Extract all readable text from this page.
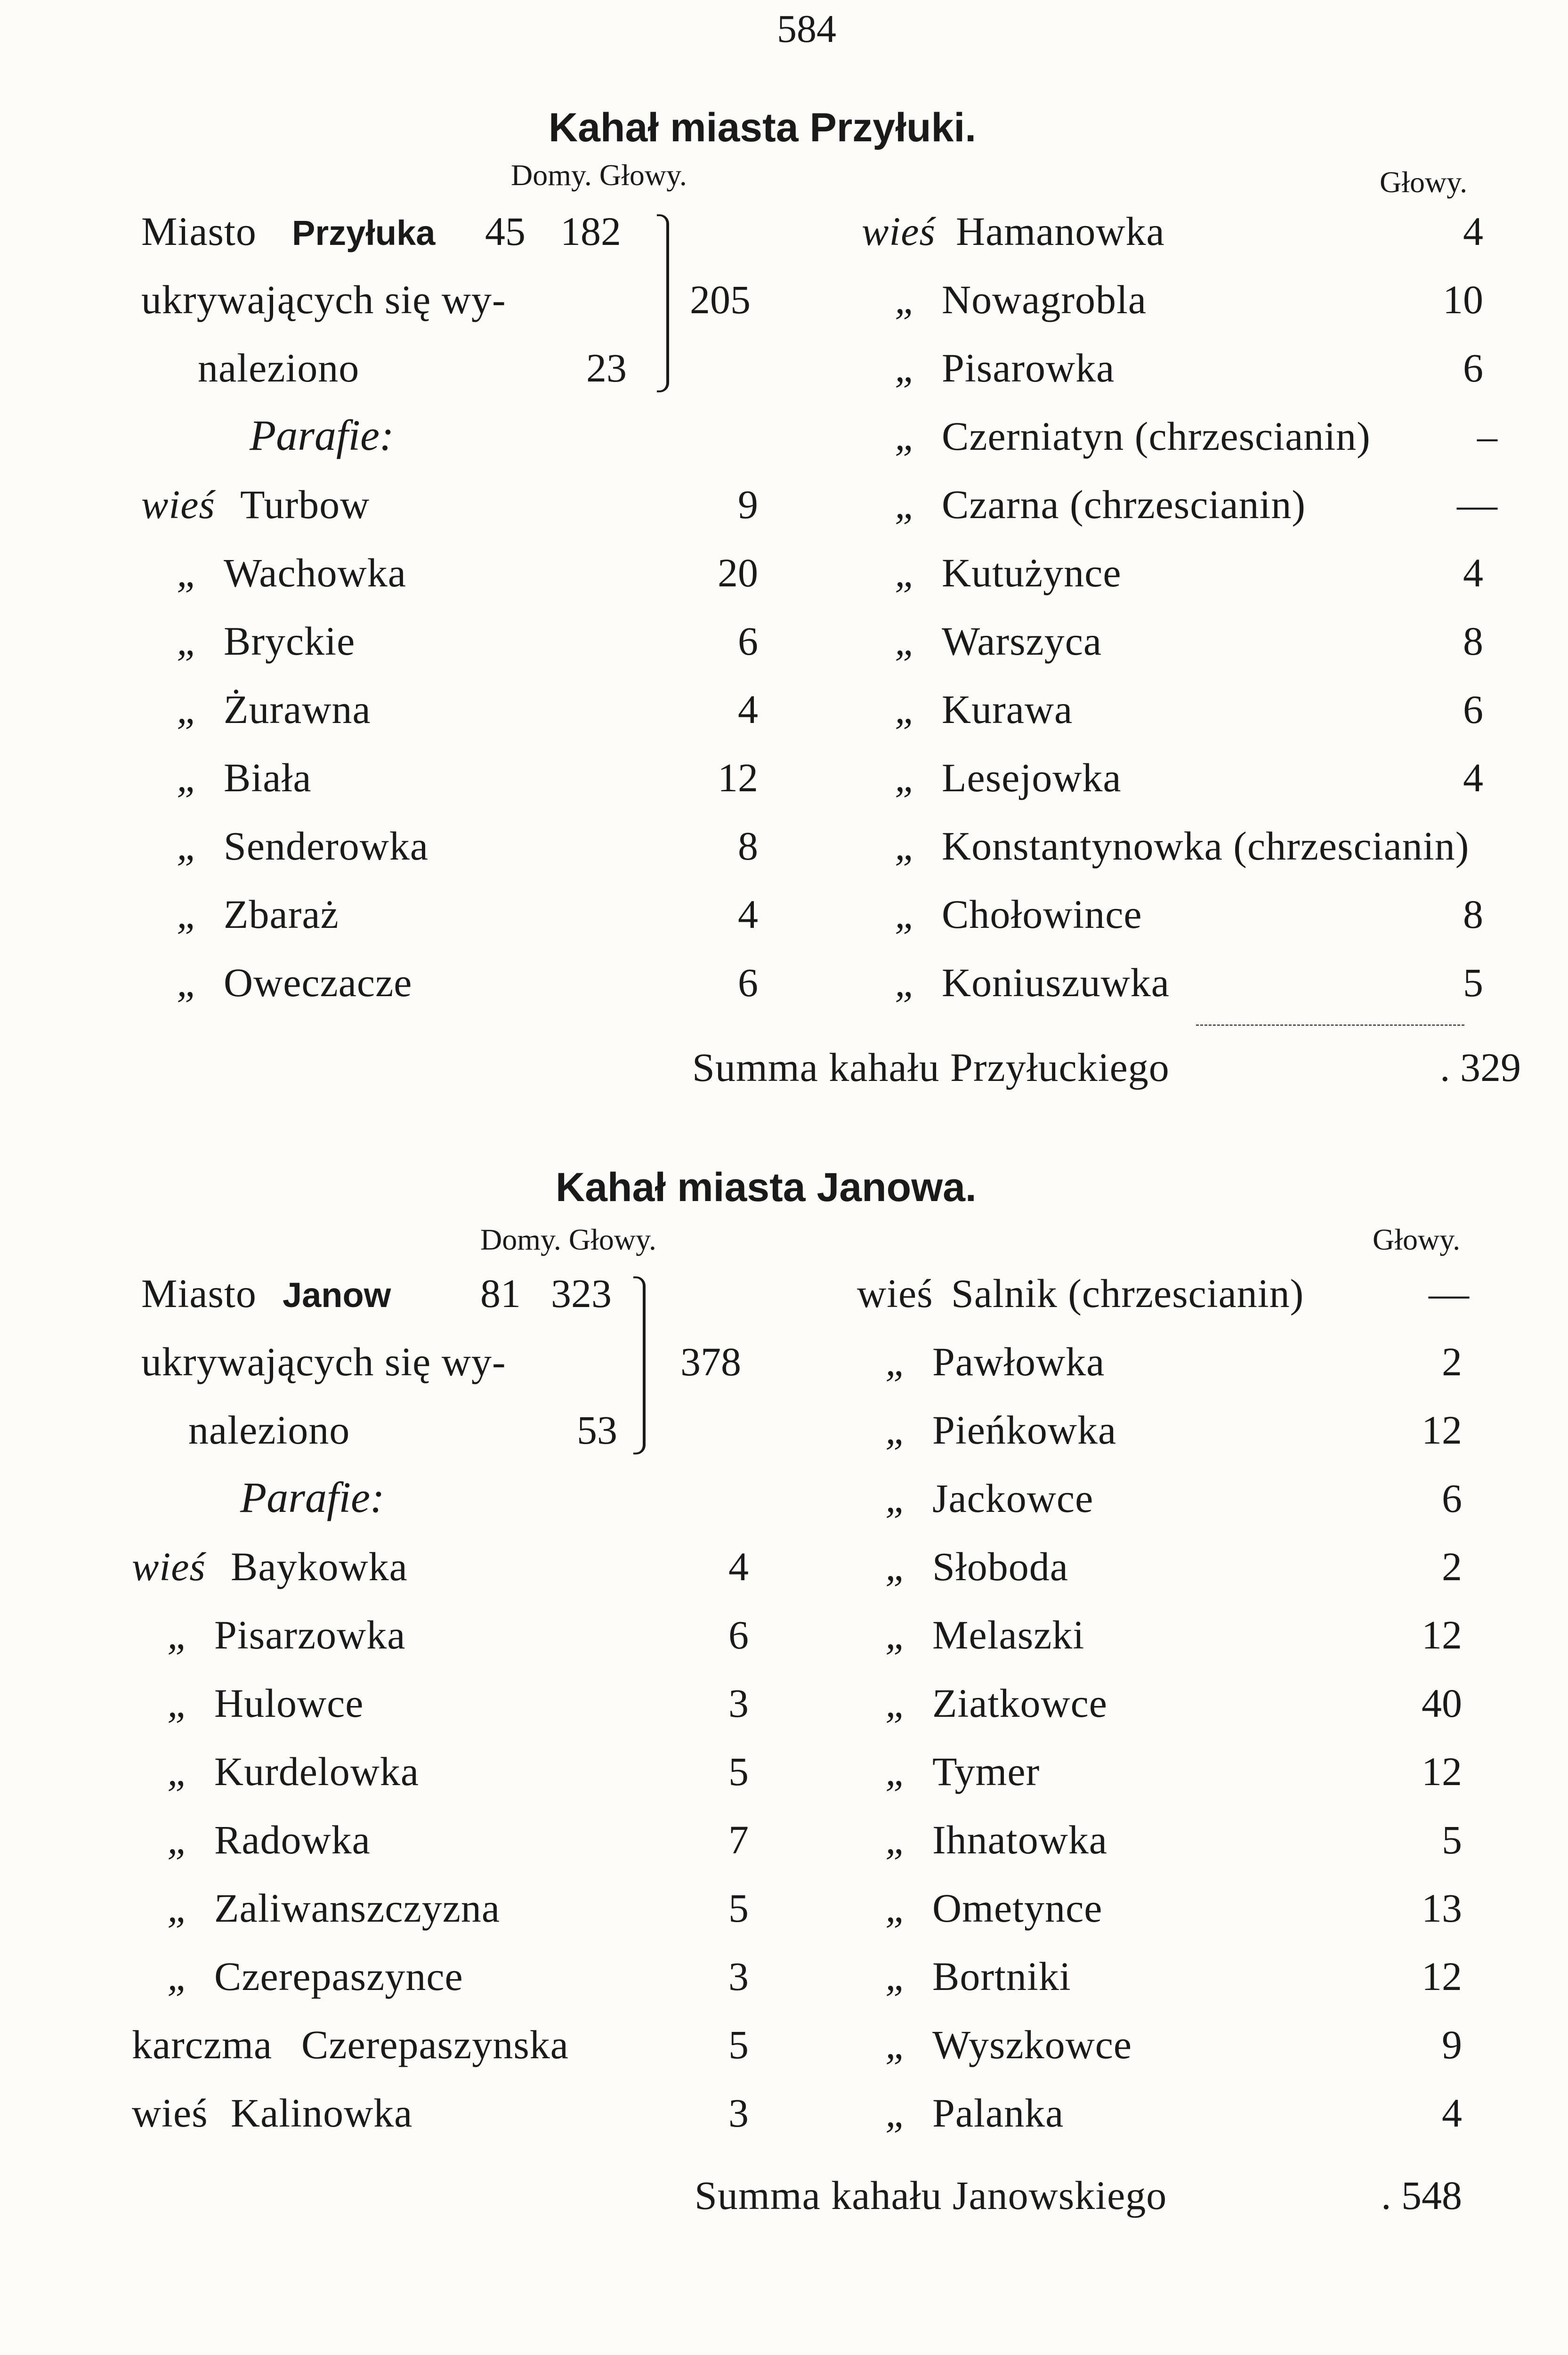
584
Kahał miasta Przyłuki.
Domy. Głowy.	Głowy.
Miasto Przyłuka 45 182
ukrywających się wy-
naleziono	23
205
Parafie:
wieś Turbow	9
„ Wachowka	20
„ Bryckie	6
„ Żurawna	4
„ Biała	12
„ Senderowka	8
„ Zbaraż	4
„ Oweczacze	6
wieś Hamanowka	4
„ Nowagrobla	10
„ Pisarowka	6
„ Czerniatyn (chrzescianin)	–
„ Czarna (chrzescianin)	—
„ Kutużynce	4
„ Warszyca	8
„ Kurawa	6
„ Lesejowka	4
„ Konstantynowka (chrzescianin)
„ Chołowince	8
„ Koniuszuwka	5
Summa kahału Przyłuckiego	. 329
Kahał miasta Janowa.
Domy. Głowy.	Głowy.
Miasto Janow 81 323
ukrywających się wy-
naleziono	53
378
Parafie:
wieś Baykowka	4
„ Pisarzowka	6
„ Hulowce	3
„ Kurdelowka	5
„ Radowka	7
„ Zaliwanszczyzna	5
„ Czerepaszynce	3
karczma Czerepaszynska	5
wieś Kalinowka	3
wieś Salnik (chrzescianin)	—
„ Pawłowka	2
„ Pieńkowka	12
„ Jackowce	6
„ Słoboda	2
„ Melaszki	12
„ Ziatkowce	40
„ Tymer	12
„ Ihnatowka	5
„ Ometynce	13
„ Bortniki	12
„ Wyszkowce	9
„ Palanka	4
Summa kahału Janowskiego	. 548
